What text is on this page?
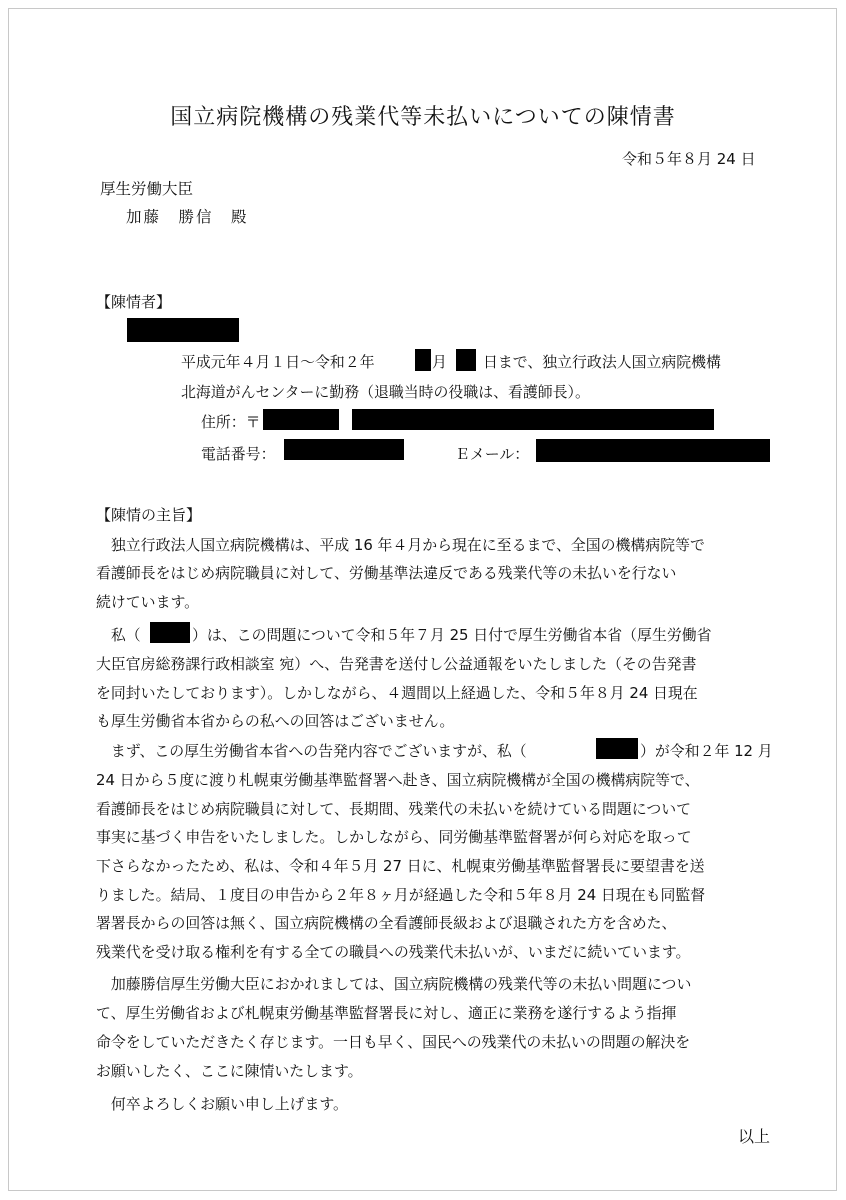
国立病院機構の残業代等未払いについての陳情書
令和５年８月 24 日
厚生労働大臣
加藤　勝信　殿
【陳情者】
平成元年４月１日～令和２年	月 日まで、独立行政法人国立病院機構
北海道がんセンターに勤務（退職当時の役職は、看護師長）。
住所：〒
電話番号：	Ｅメール：
【陳情の主旨】
　独立行政法人国立病院機構は、平成 16 年４月から現在に至るまで、全国の機構病院等で
看護師長をはじめ病院職員に対して、労働基準法違反である残業代等の未払いを行ない
続けています。
　私（	）は、この問題について令和５年７月 25 日付で厚生労働省本省（厚生労働省
大臣官房総務課行政相談室 宛）へ、告発書を送付し公益通報をいたしました（その告発書
を同封いたしております）。しかしながら、４週間以上経過した、令和５年８月 24 日現在
も厚生労働省本省からの私への回答はございません。
　まず、この厚生労働省本省への告発内容でございますが、私（	）が令和２年 12 月
24 日から５度に渡り札幌東労働基準監督署へ赴き、国立病院機構が全国の機構病院等で、
看護師長をはじめ病院職員に対して、長期間、残業代の未払いを続けている問題について
事実に基づく申告をいたしました。しかしながら、同労働基準監督署が何ら対応を取って
下さらなかったため、私は、令和４年５月 27 日に、札幌東労働基準監督署長に要望書を送
りました。結局、１度目の申告から２年８ヶ月が経過した令和５年８月 24 日現在も同監督
署署長からの回答は無く、国立病院機構の全看護師長級および退職された方を含めた、
残業代を受け取る権利を有する全ての職員への残業代未払いが、いまだに続いています。
　加藤勝信厚生労働大臣におかれましては、国立病院機構の残業代等の未払い問題につい
て、厚生労働省および札幌東労働基準監督署長に対し、適正に業務を遂行するよう指揮
命令をしていただきたく存じます。一日も早く、国民への残業代の未払いの問題の解決を
お願いしたく、ここに陳情いたします。
　何卒よろしくお願い申し上げます。
以上
